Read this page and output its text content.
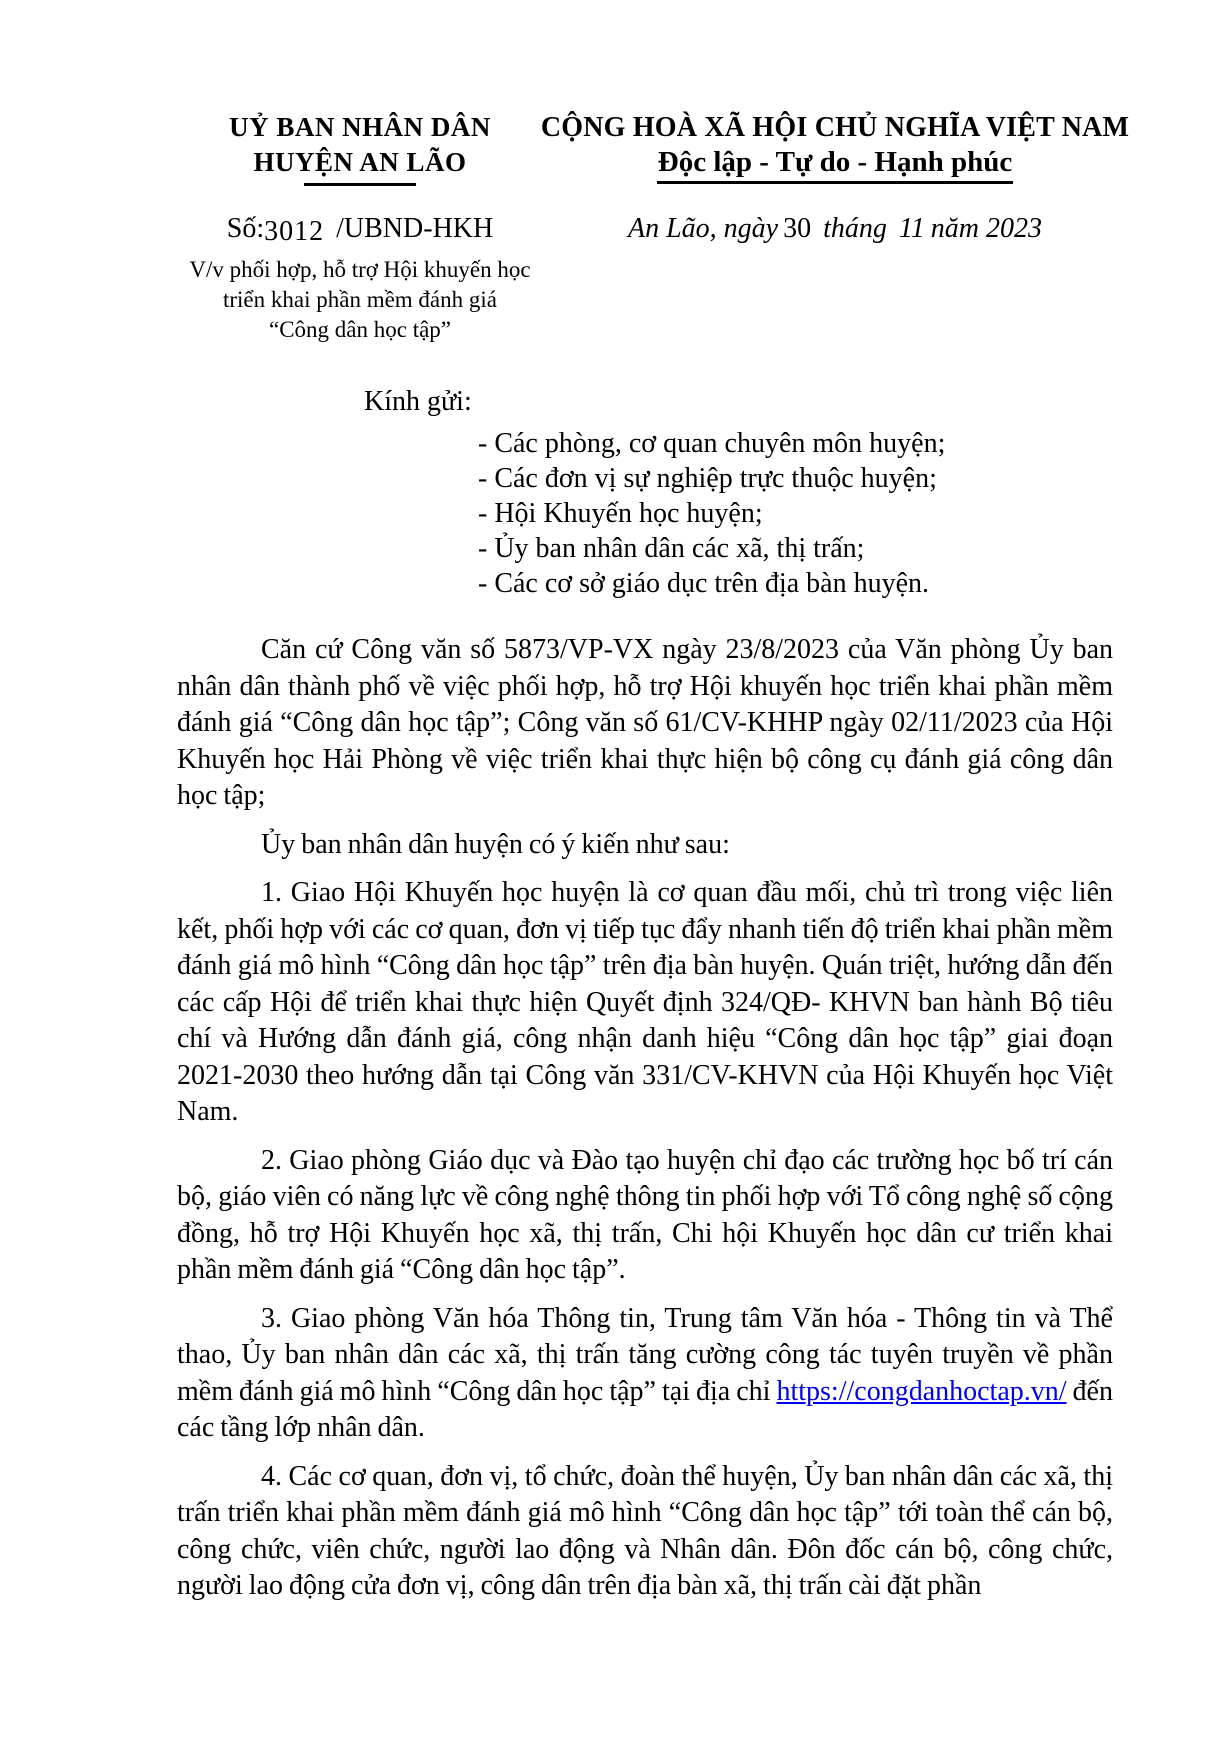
UỶ BAN NHÂN DÂN
HUYỆN AN LÃO
CỘNG HOÀ XÃ HỘI CHỦ NGHĨA VIỆT NAM
Độc lập - Tự do - Hạnh phúc
Số:3012 /UBND-HKH	An Lão, ngày 30 tháng 11 năm 2023
V/v phối hợp, hỗ trợ Hội khuyến học
triển khai phần mềm đánh giá
“Công dân học tập”
Kính gửi:
- Các phòng, cơ quan chuyên môn huyện;
- Các đơn vị sự nghiệp trực thuộc huyện;
- Hội Khuyến học huyện;
- Ủy ban nhân dân các xã, thị trấn;
- Các cơ sở giáo dục trên địa bàn huyện.

Căn cứ Công văn số 5873/VP-VX ngày 23/8/2023 của Văn phòng Ủy ban nhân dân thành phố về việc phối hợp, hỗ trợ Hội khuyến học triển khai phần mềm đánh giá “Công dân học tập”; Công văn số 61/CV-KHHP ngày 02/11/2023 của Hội Khuyến học Hải Phòng về việc triển khai thực hiện bộ công cụ đánh giá công dân học tập;

Ủy ban nhân dân huyện có ý kiến như sau:

1. Giao Hội Khuyến học huyện là cơ quan đầu mối, chủ trì trong việc liên kết, phối hợp với các cơ quan, đơn vị tiếp tục đẩy nhanh tiến độ triển khai phần mềm đánh giá mô hình “Công dân học tập” trên địa bàn huyện. Quán triệt, hướng dẫn đến các cấp Hội để triển khai thực hiện Quyết định 324/QĐ- KHVN ban hành Bộ tiêu chí và Hướng dẫn đánh giá, công nhận danh hiệu “Công dân học tập” giai đoạn 2021-2030 theo hướng dẫn tại Công văn 331/CV-KHVN của Hội Khuyến học Việt Nam.

2. Giao phòng Giáo dục và Đào tạo huyện chỉ đạo các trường học bố trí cán bộ, giáo viên có năng lực về công nghệ thông tin phối hợp với Tổ công nghệ số cộng đồng, hỗ trợ Hội Khuyến học xã, thị trấn, Chi hội Khuyến học dân cư triển khai phần mềm đánh giá “Công dân học tập”.

3. Giao phòng Văn hóa Thông tin, Trung tâm Văn hóa - Thông tin và Thể thao, Ủy ban nhân dân các xã, thị trấn tăng cường công tác tuyên truyền về phần mềm đánh giá mô hình “Công dân học tập” tại địa chỉ https://congdanhoctap.vn/ đến các tầng lớp nhân dân.

4. Các cơ quan, đơn vị, tổ chức, đoàn thể huyện, Ủy ban nhân dân các xã, thị trấn triển khai phần mềm đánh giá mô hình “Công dân học tập” tới toàn thể cán bộ, công chức, viên chức, người lao động và Nhân dân. Đôn đốc cán bộ, công chức, người lao động cửa đơn vị, công dân trên địa bàn xã, thị trấn cài đặt phần
